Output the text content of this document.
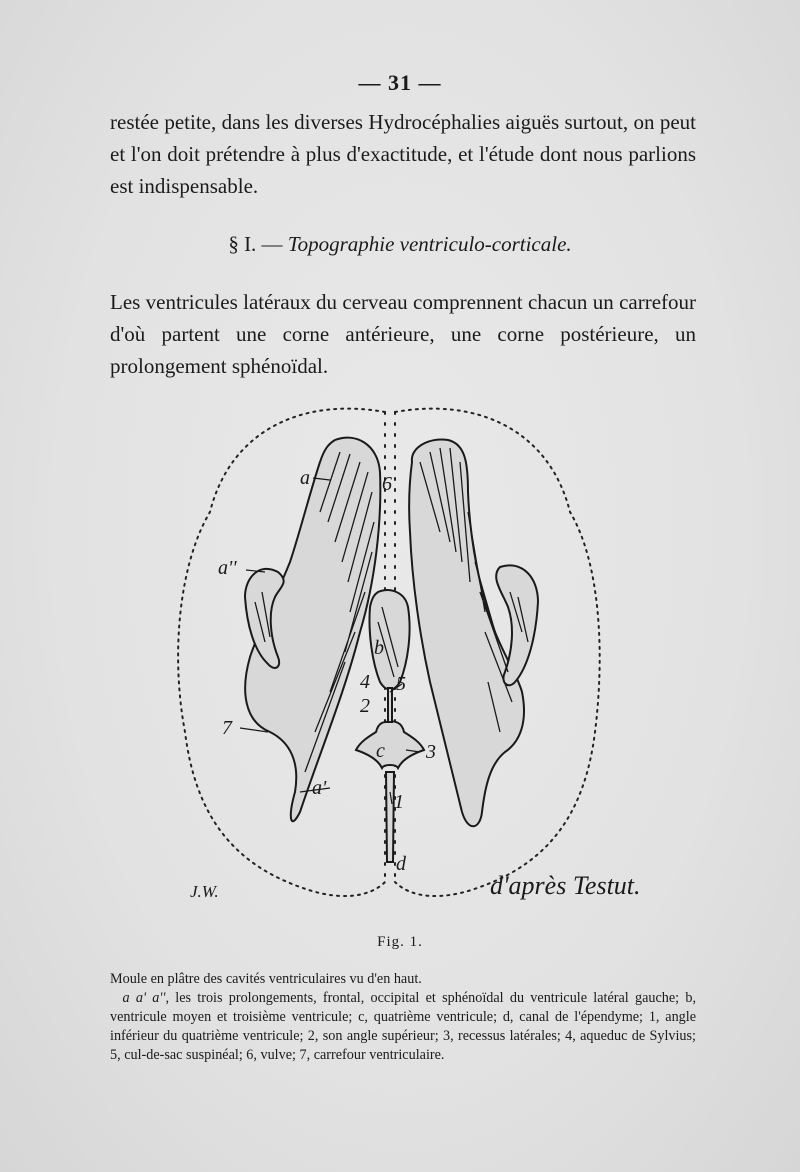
— 31 —
restée petite, dans les diverses Hydrocéphalies aiguës surtout, on peut et l'on doit prétendre à plus d'exactitude, et l'étude dont nous parlions est indispensable.
§ I. — Topographie ventriculo-corticale.
Les ventricules latéraux du cerveau comprennent chacun un carrefour d'où partent une corne antérieure, une corne postérieure, un prolongement sphénoïdal.
a
a''
a'
b
c
d
1
2
3
4 5
6
7
J.W.	d'après Testut.
Fig. 1.
Moule en plâtre des cavités ventriculaires vu d'en haut.
a a' a'', les trois prolongements, frontal, occipital et sphénoïdal du ventricule latéral gauche; b, ventricule moyen et troisième ventricule; c, quatrième ventricule; d, canal de l'épendyme; 1, angle inférieur du quatrième ventricule; 2, son angle supérieur; 3, recessus latérales; 4, aqueduc de Sylvius; 5, cul-de-sac suspinéal; 6, vulve; 7, carrefour ventriculaire.
